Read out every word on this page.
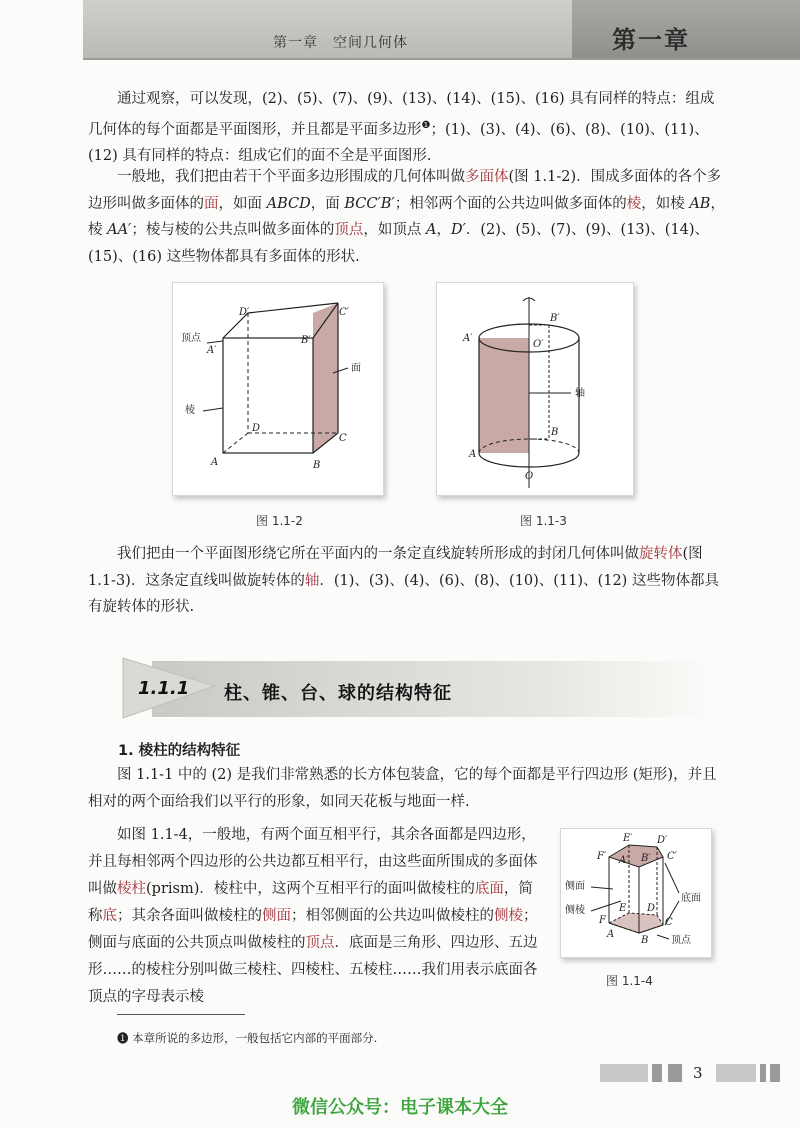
第一章　空间几何体	第一章
通过观察，可以发现，(2)、(5)、(7)、(9)、(13)、(14)、(15)、(16) 具有同样的特点：组成几何体的每个面都是平面图形，并且都是平面多边形$^❶$；(1)、(3)、(4)、(6)、(8)、(10)、(11)、(12) 具有同样的特点：组成它们的面不全是平面图形.
一般地，我们把由若干个平面多边形围成的几何体叫做多面体(图 1.1-2)．围成多面体的各个多边形叫做多面体的面，如面 ABCD，面 BCC′B′；相邻两个面的公共边叫做多面体的棱，如棱 AB，棱 AA′；棱与棱的公共点叫做多面体的顶点，如顶点 A，D′．(2)、(5)、(7)、(9)、(13)、(14)、(15)、(16) 这些物体都具有多面体的形状.
D′	C′
A′
B′
D
C
A	B
顶点
面
棱
图 1.1-2
B′
A′
O′
B
A
O
轴
图 1.1-3
我们把由一个平面图形绕它所在平面内的一条定直线旋转所形成的封闭几何体叫做旋转体(图 1.1-3)．这条定直线叫做旋转体的轴．(1)、(3)、(4)、(6)、(8)、(10)、(11)、(12) 这些物体都具有旋转体的形状.
1.1.1 柱、锥、台、球的结构特征
1. 棱柱的结构特征
图 1.1-1 中的 (2) 是我们非常熟悉的长方体包装盒，它的每个面都是平行四边形 (矩形)，并且相对的两个面给我们以平行的形象，如同天花板与地面一样.
如图 1.1-4，一般地，有两个面互相平行，其余各面都是四边形，并且每相邻两个四边形的公共边都互相平行，由这些面所围成的多面体叫做棱柱(prism)．棱柱中，这两个互相平行的面叫做棱柱的底面，简称底；其余各面叫做棱柱的侧面；相邻侧面的公共边叫做棱柱的侧棱；侧面与底面的公共顶点叫做棱柱的顶点．底面是三角形、四边形、五边形……的棱柱分别叫做三棱柱、四棱柱、五棱柱……我们用表示底面各顶点的字母表示棱
E′ D′
F′ A′ B′ C′
E D
F
A
B
C
侧面
侧棱
底面
顶点
图 1.1-4
❶ 本章所说的多边形，一般包括它内部的平面部分.
3
微信公众号：电子课本大全
